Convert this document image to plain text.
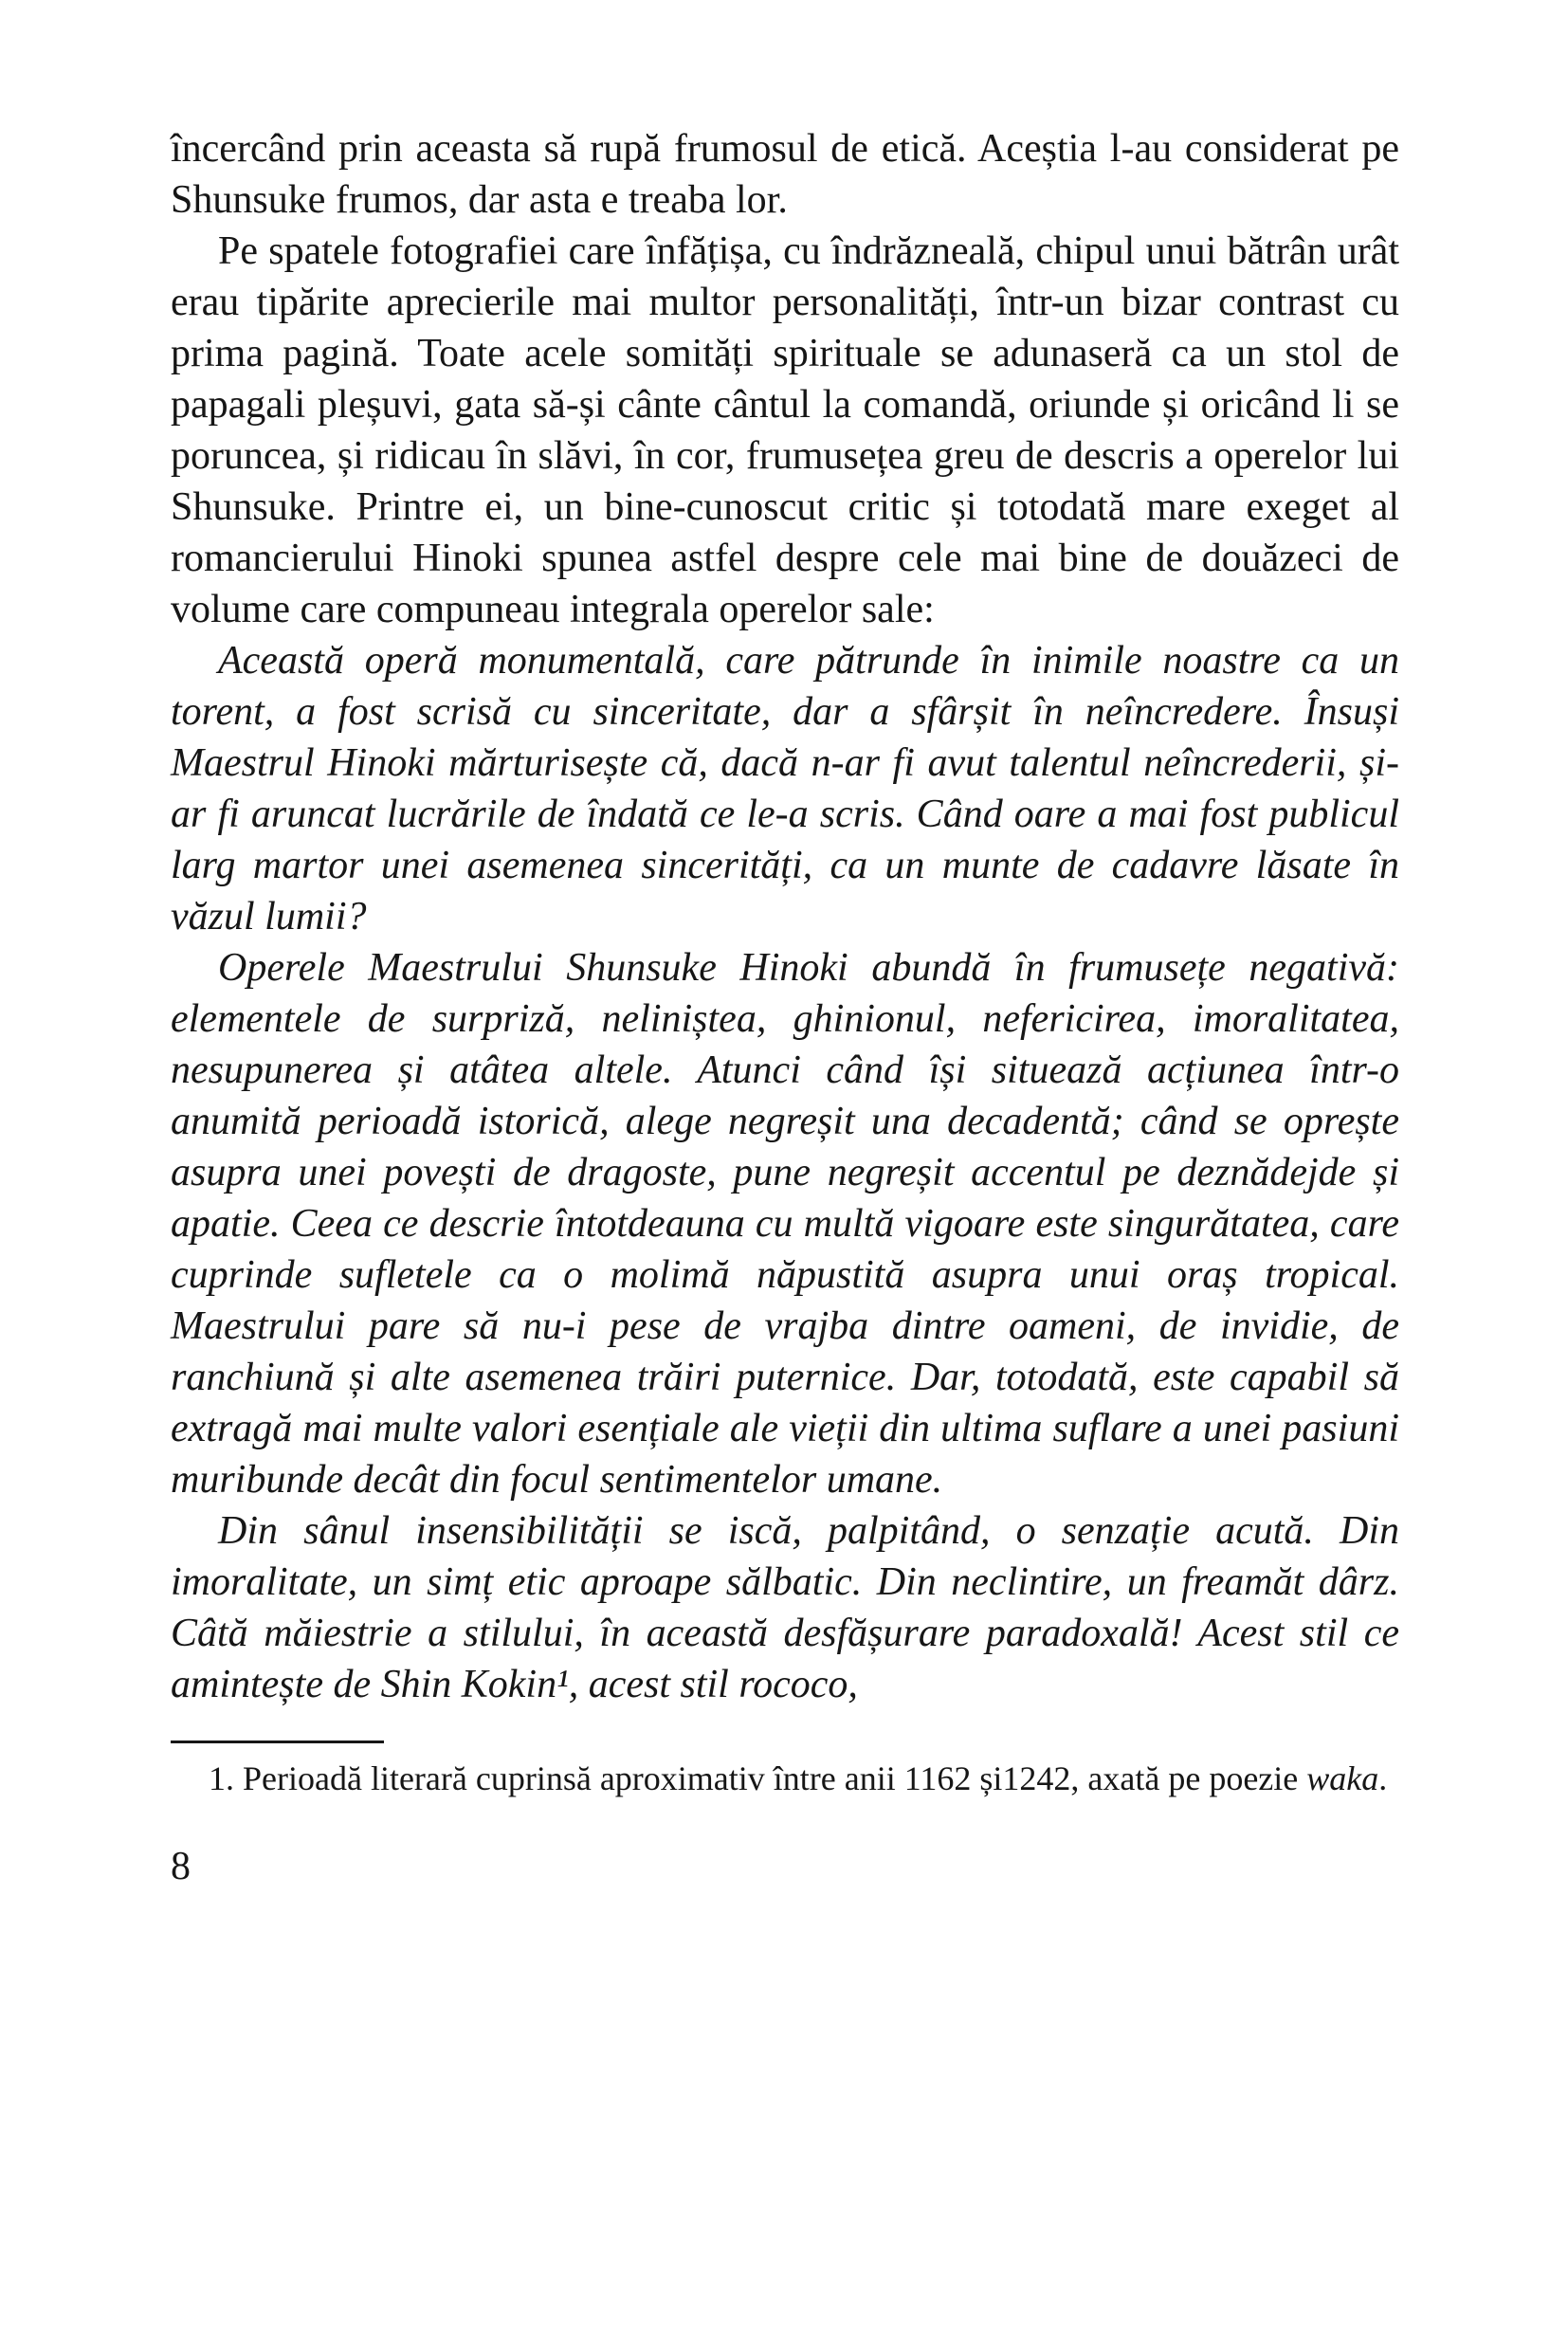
încercând prin aceasta să rupă frumosul de etică. Aceștia l-au considerat pe Shunsuke frumos, dar asta e treaba lor.

Pe spatele fotografiei care înfățișa, cu îndrăzneală, chipul unui bătrân urât erau tipărite aprecierile mai multor personalități, într-un bizar contrast cu prima pagină. Toate acele somități spirituale se adunaseră ca un stol de papagali pleșuvi, gata să-și cânte cântul la comandă, oriunde și oricând li se poruncea, și ridicau în slăvi, în cor, frumusețea greu de descris a operelor lui Shunsuke. Printre ei, un bine-cunoscut critic și totodată mare exeget al romancierului Hinoki spunea astfel despre cele mai bine de douăzeci de volume care compuneau integrala operelor sale:

Această operă monumentală, care pătrunde în inimile noastre ca un torent, a fost scrisă cu sinceritate, dar a sfârșit în neîncredere. Însuși Maestrul Hinoki mărturisește că, dacă n-ar fi avut talentul neîncrederii, și-ar fi aruncat lucrările de îndată ce le-a scris. Când oare a mai fost publicul larg martor unei asemenea sincerități, ca un munte de cadavre lăsate în văzul lumii?

Operele Maestrului Shunsuke Hinoki abundă în frumusețe negativă: elementele de surpriză, neliniștea, ghinionul, nefericirea, imoralitatea, nesupunerea și atâtea altele. Atunci când își situează acțiunea într-o anumită perioadă istorică, alege negreșit una decadentă; când se oprește asupra unei povești de dragoste, pune negreșit accentul pe deznădejde și apatie. Ceea ce descrie întotdeauna cu multă vigoare este singurătatea, care cuprinde sufletele ca o molimă năpustită asupra unui oraș tropical. Maestrului pare să nu-i pese de vrajba dintre oameni, de invidie, de ranchiună și alte asemenea trăiri puternice. Dar, totodată, este capabil să extragă mai multe valori esențiale ale vieții din ultima suflare a unei pasiuni muribunde decât din focul sentimentelor umane.

Din sânul insensibilității se iscă, palpitând, o senzație acută. Din imoralitate, un simț etic aproape sălbatic. Din neclintire, un freamăt dârz. Câtă măiestrie a stilului, în această desfășurare paradoxală! Acest stil ce amintește de Shin Kokin¹, acest stil rococo,

1. Perioadă literară cuprinsă aproximativ între anii 1162 și1242, axată pe poezie waka.

8
